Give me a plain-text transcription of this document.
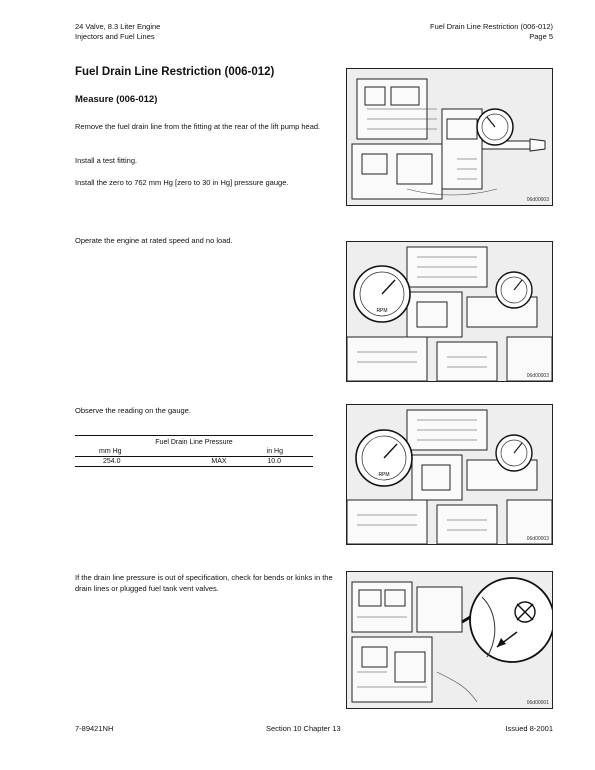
24 Valve, 8.3 Liter Engine
Injectors and Fuel Lines
Fuel Drain Line Restriction (006-012)
Page 5
Fuel Drain Line Restriction (006-012)
Measure (006-012)
Remove the fuel drain line from the fitting at the rear of the lift pump head.
Install a test fitting.
Install the zero to 762 mm Hg [zero to 30 in Hg] pressure gauge.
Operate the engine at rated speed and no load.
Observe the reading on the gauge.
If the drain line pressure is out of specification, check for bends or kinks in the drain lines or plugged fuel tank vent valves.
Fuel Drain Line Pressure		
mm Hg		in Hg
254.0	MAX	10.0
06d00003
RPM
06d00003
RPM
06d00003
06d00001
7-89421NH	Section 10 Chapter 13	Issued 8-2001
